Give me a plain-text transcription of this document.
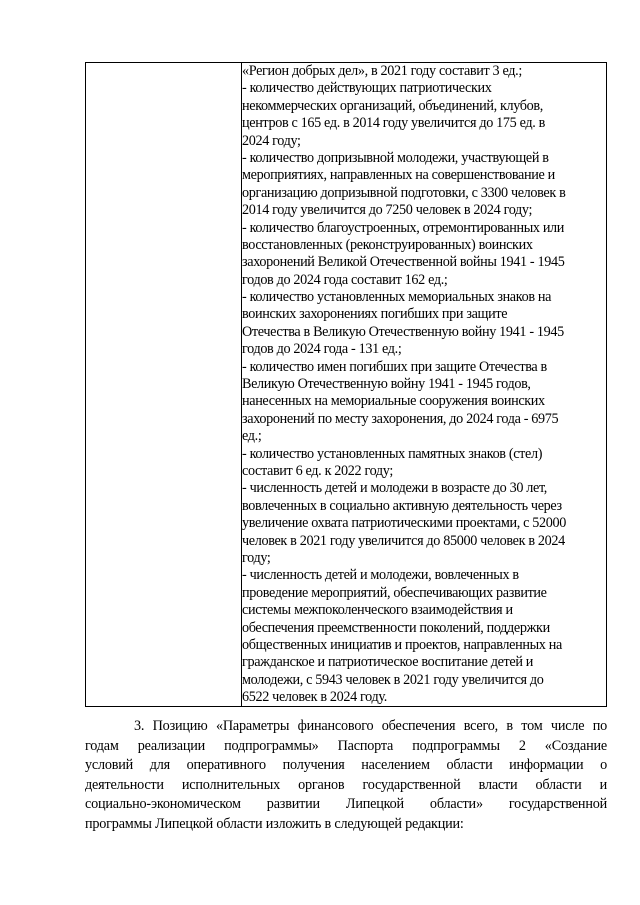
«Регион добрых дел», в 2021 году составит 3 ед.;
- количество действующих патриотических
некоммерческих организаций, объединений, клубов,
центров с 165 ед. в 2014 году увеличится до 175 ед. в
2024 году;
- количество допризывной молодежи, участвующей в
мероприятиях, направленных на совершенствование и
организацию допризывной подготовки, с 3300 человек в
2014 году увеличится до 7250 человек в 2024 году;
- количество благоустроенных, отремонтированных или
восстановленных (реконструированных) воинских
захоронений Великой Отечественной войны 1941 - 1945
годов до 2024 года составит 162 ед.;
- количество установленных мемориальных знаков на
воинских захоронениях погибших при защите
Отечества в Великую Отечественную войну 1941 - 1945
годов до 2024 года - 131 ед.;
- количество имен погибших при защите Отечества в
Великую Отечественную войну 1941 - 1945 годов,
нанесенных на мемориальные сооружения воинских
захоронений по месту захоронения, до 2024 года - 6975
ед.;
- количество установленных памятных знаков (стел)
составит 6 ед. к 2022 году;
- численность детей и молодежи в возрасте до 30 лет,
вовлеченных в социально активную деятельность через
увеличение охвата патриотическими проектами, с 52000
человек в 2021 году увеличится до 85000 человек в 2024
году;
- численность детей и молодежи, вовлеченных в
проведение мероприятий, обеспечивающих развитие
системы межпоколенческого взаимодействия и
обеспечения преемственности поколений, поддержки
общественных инициатив и проектов, направленных на
гражданское и патриотическое воспитание детей и
молодежи, с 5943 человек в 2021 году увеличится до
6522 человек в 2024 году.
3. Позицию «Параметры финансового обеспечения всего, в том числе по
годам реализации подпрограммы» Паспорта подпрограммы 2 «Создание
условий для оперативного получения населением области информации о
деятельности исполнительных органов государственной власти области и
социально-экономическом развитии Липецкой области» государственной
программы Липецкой области изложить в следующей редакции:
